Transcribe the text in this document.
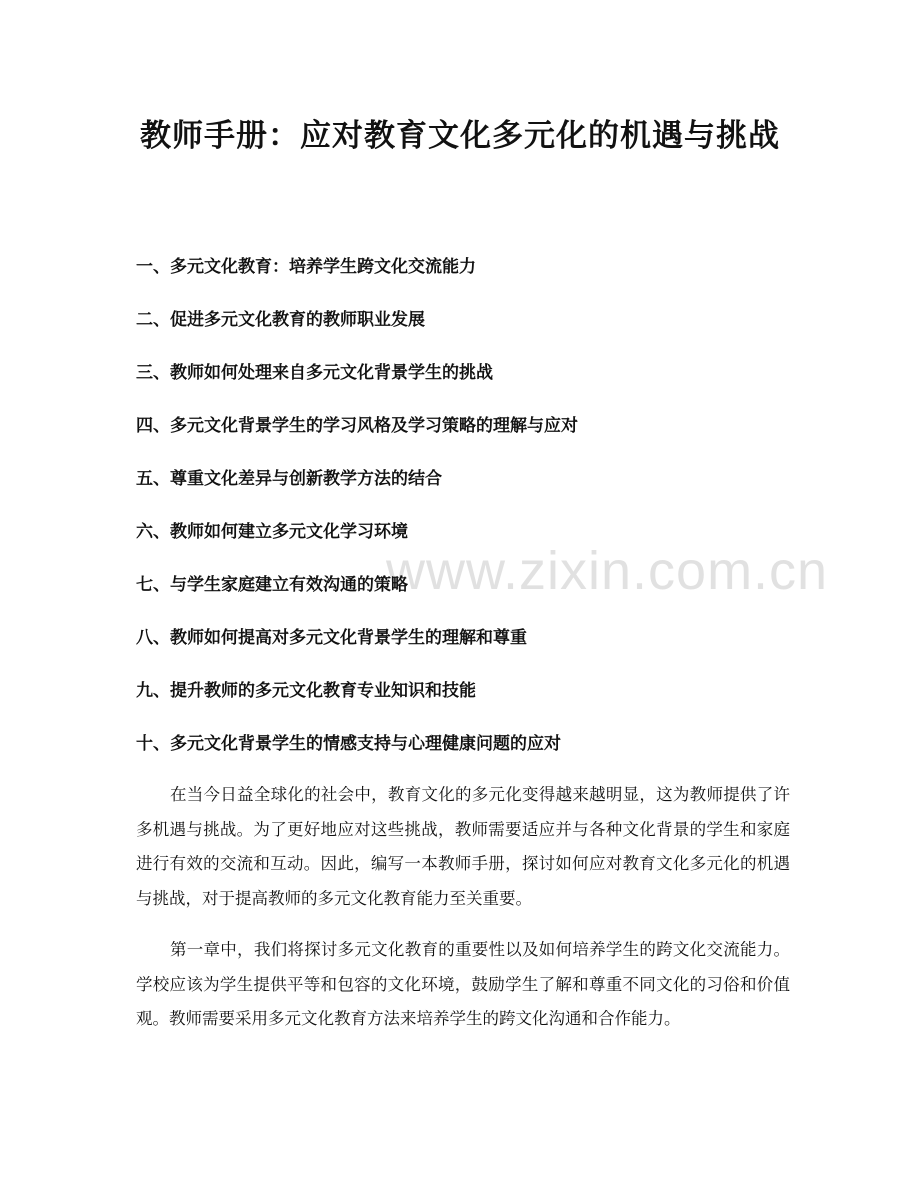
www.zixin.com.cn
教师手册：应对教育文化多元化的机遇与挑战
一、多元文化教育：培养学生跨文化交流能力
二、促进多元文化教育的教师职业发展
三、教师如何处理来自多元文化背景学生的挑战
四、多元文化背景学生的学习风格及学习策略的理解与应对
五、尊重文化差异与创新教学方法的结合
六、教师如何建立多元文化学习环境
七、与学生家庭建立有效沟通的策略
八、教师如何提高对多元文化背景学生的理解和尊重
九、提升教师的多元文化教育专业知识和技能
十、多元文化背景学生的情感支持与心理健康问题的应对

在当今日益全球化的社会中，教育文化的多元化变得越来越明显，这为教师提供了许多机遇与挑战。为了更好地应对这些挑战，教师需要适应并与各种文化背景的学生和家庭进行有效的交流和互动。因此，编写一本教师手册，探讨如何应对教育文化多元化的机遇与挑战，对于提高教师的多元文化教育能力至关重要。

第一章中，我们将探讨多元文化教育的重要性以及如何培养学生的跨文化交流能力。学校应该为学生提供平等和包容的文化环境，鼓励学生了解和尊重不同文化的习俗和价值观。教师需要采用多元文化教育方法来培养学生的跨文化沟通和合作能力。
